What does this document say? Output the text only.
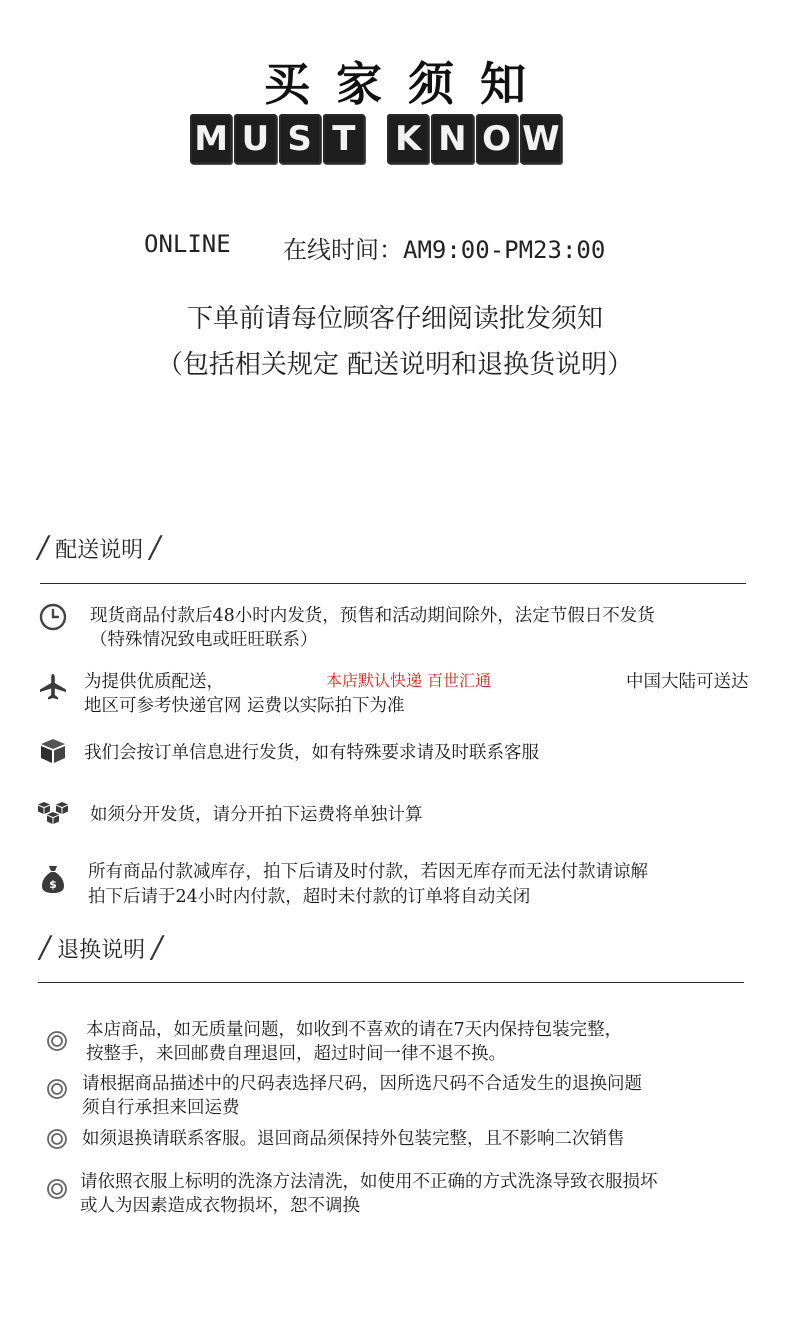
买家须知
M U S T K N O W
ONLINE 在线时间：AM9:00-PM23:00
下单前请每位顾客仔细阅读批发须知
（包括相关规定 配送说明和退换货说明）
/ 配送说明 /
现货商品付款后48小时内发货，预售和活动期间除外，法定节假日不发货
（特殊情况致电或旺旺联系）
为提供优质配送，	本店默认快递 百世汇通	中国大陆可送达
地区可参考快递官网 运费以实际拍下为准
我们会按订单信息进行发货，如有特殊要求请及时联系客服
如须分开发货，请分开拍下运费将单独计算
$
所有商品付款减库存，拍下后请及时付款，若因无库存而无法付款请谅解
拍下后请于24小时内付款，超时未付款的订单将自动关闭
/ 退换说明 /
本店商品，如无质量问题，如收到不喜欢的请在7天内保持包装完整，
按整手，来回邮费自理退回，超过时间一律不退不换。
请根据商品描述中的尺码表选择尺码，因所选尺码不合适发生的退换问题
须自行承担来回运费
如须退换请联系客服。退回商品须保持外包装完整，且不影响二次销售
请依照衣服上标明的洗涤方法清洗，如使用不正确的方式洗涤导致衣服损坏
或人为因素造成衣物损坏，恕不调换
